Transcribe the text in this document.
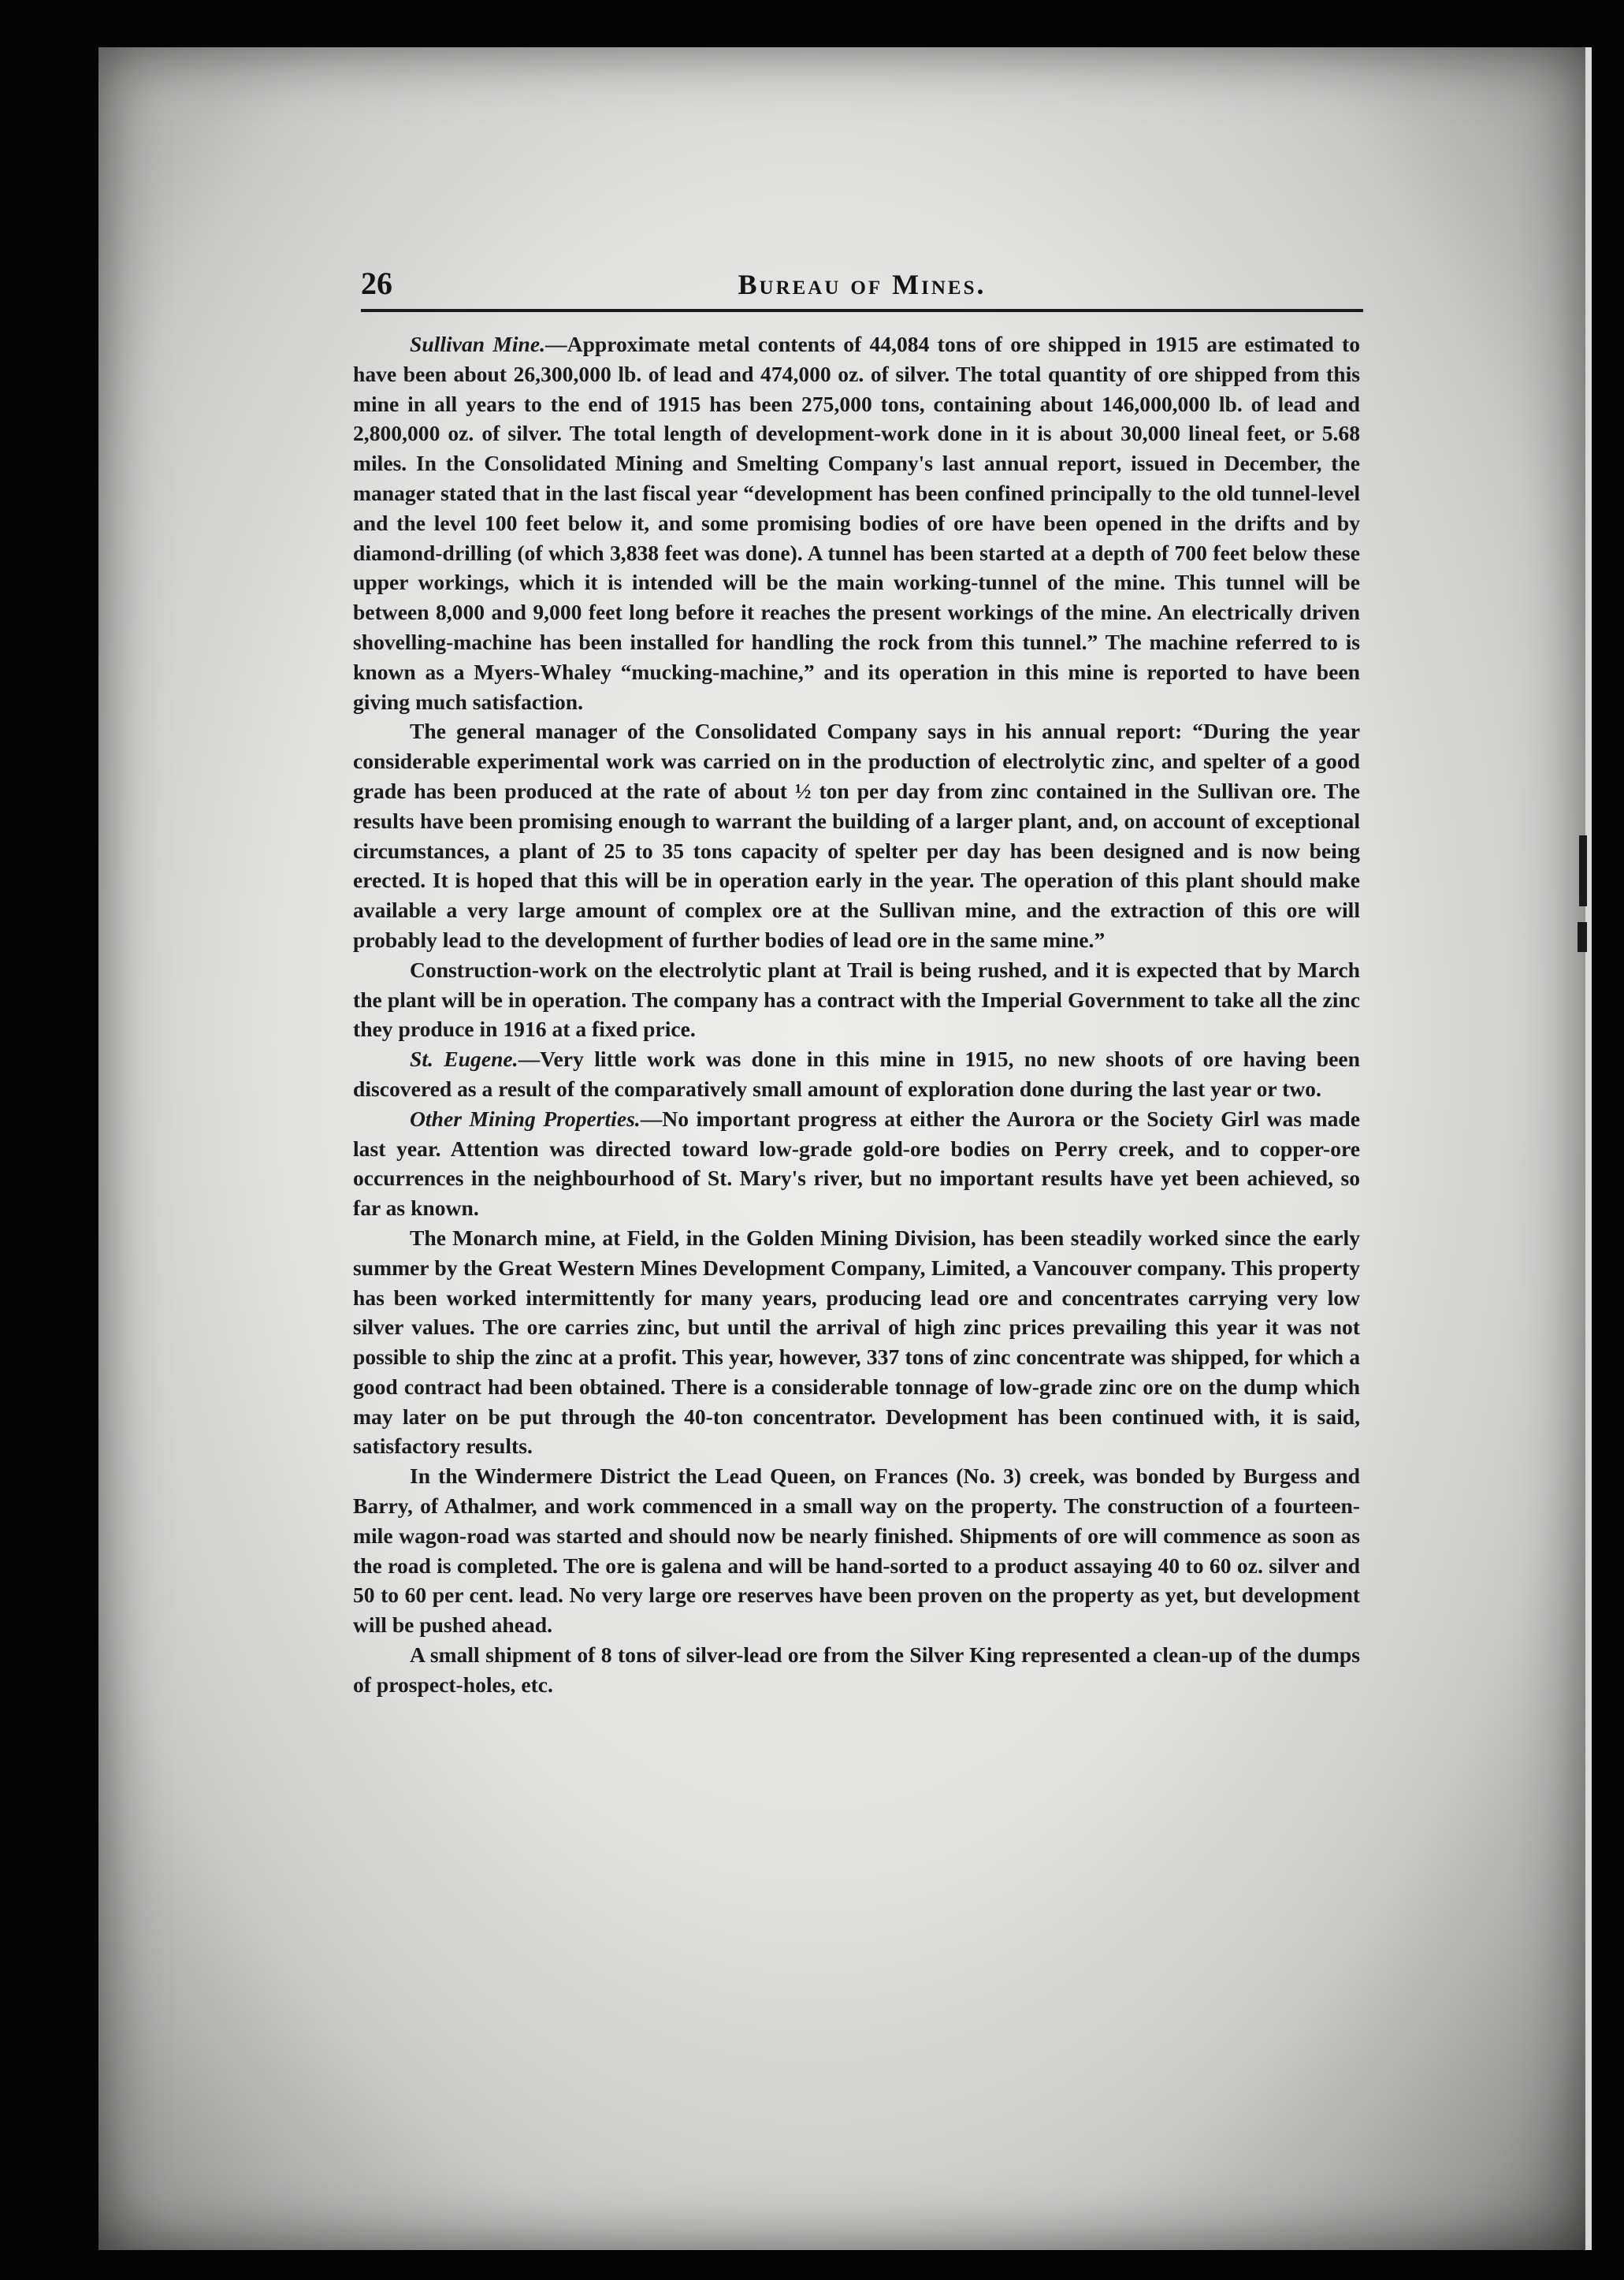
26	Bureau of Mines.

Sullivan Mine.—Approximate metal contents of 44,084 tons of ore shipped in 1915 are estimated to have been about 26,300,000 lb. of lead and 474,000 oz. of silver. The total quantity of ore shipped from this mine in all years to the end of 1915 has been 275,000 tons, containing about 146,000,000 lb. of lead and 2,800,000 oz. of silver. The total length of development-work done in it is about 30,000 lineal feet, or 5.68 miles. In the Consolidated Mining and Smelting Company's last annual report, issued in December, the manager stated that in the last fiscal year “development has been confined principally to the old tunnel-level and the level 100 feet below it, and some promising bodies of ore have been opened in the drifts and by diamond-drilling (of which 3,838 feet was done). A tunnel has been started at a depth of 700 feet below these upper workings, which it is intended will be the main working-tunnel of the mine. This tunnel will be between 8,000 and 9,000 feet long before it reaches the present workings of the mine. An electrically driven shovelling-machine has been installed for handling the rock from this tunnel.” The machine referred to is known as a Myers-Whaley “mucking-machine,” and its operation in this mine is reported to have been giving much satisfaction.

The general manager of the Consolidated Company says in his annual report: “During the year considerable experimental work was carried on in the production of electrolytic zinc, and spelter of a good grade has been produced at the rate of about ½ ton per day from zinc contained in the Sullivan ore. The results have been promising enough to warrant the building of a larger plant, and, on account of exceptional circumstances, a plant of 25 to 35 tons capacity of spelter per day has been designed and is now being erected. It is hoped that this will be in operation early in the year. The operation of this plant should make available a very large amount of complex ore at the Sullivan mine, and the extraction of this ore will probably lead to the development of further bodies of lead ore in the same mine.”

Construction-work on the electrolytic plant at Trail is being rushed, and it is expected that by March the plant will be in operation. The company has a contract with the Imperial Government to take all the zinc they produce in 1916 at a fixed price.

St. Eugene.—Very little work was done in this mine in 1915, no new shoots of ore having been discovered as a result of the comparatively small amount of exploration done during the last year or two.

Other Mining Properties.—No important progress at either the Aurora or the Society Girl was made last year. Attention was directed toward low-grade gold-ore bodies on Perry creek, and to copper-ore occurrences in the neighbourhood of St. Mary's river, but no important results have yet been achieved, so far as known.

The Monarch mine, at Field, in the Golden Mining Division, has been steadily worked since the early summer by the Great Western Mines Development Company, Limited, a Vancouver company. This property has been worked intermittently for many years, producing lead ore and concentrates carrying very low silver values. The ore carries zinc, but until the arrival of high zinc prices prevailing this year it was not possible to ship the zinc at a profit. This year, however, 337 tons of zinc concentrate was shipped, for which a good contract had been obtained. There is a considerable tonnage of low-grade zinc ore on the dump which may later on be put through the 40-ton concentrator. Development has been continued with, it is said, satisfactory results.

In the Windermere District the Lead Queen, on Frances (No. 3) creek, was bonded by Burgess and Barry, of Athalmer, and work commenced in a small way on the property. The construction of a fourteen-mile wagon-road was started and should now be nearly finished. Shipments of ore will commence as soon as the road is completed. The ore is galena and will be hand-sorted to a product assaying 40 to 60 oz. silver and 50 to 60 per cent. lead. No very large ore reserves have been proven on the property as yet, but development will be pushed ahead.

A small shipment of 8 tons of silver-lead ore from the Silver King represented a clean-up of the dumps of prospect-holes, etc.
